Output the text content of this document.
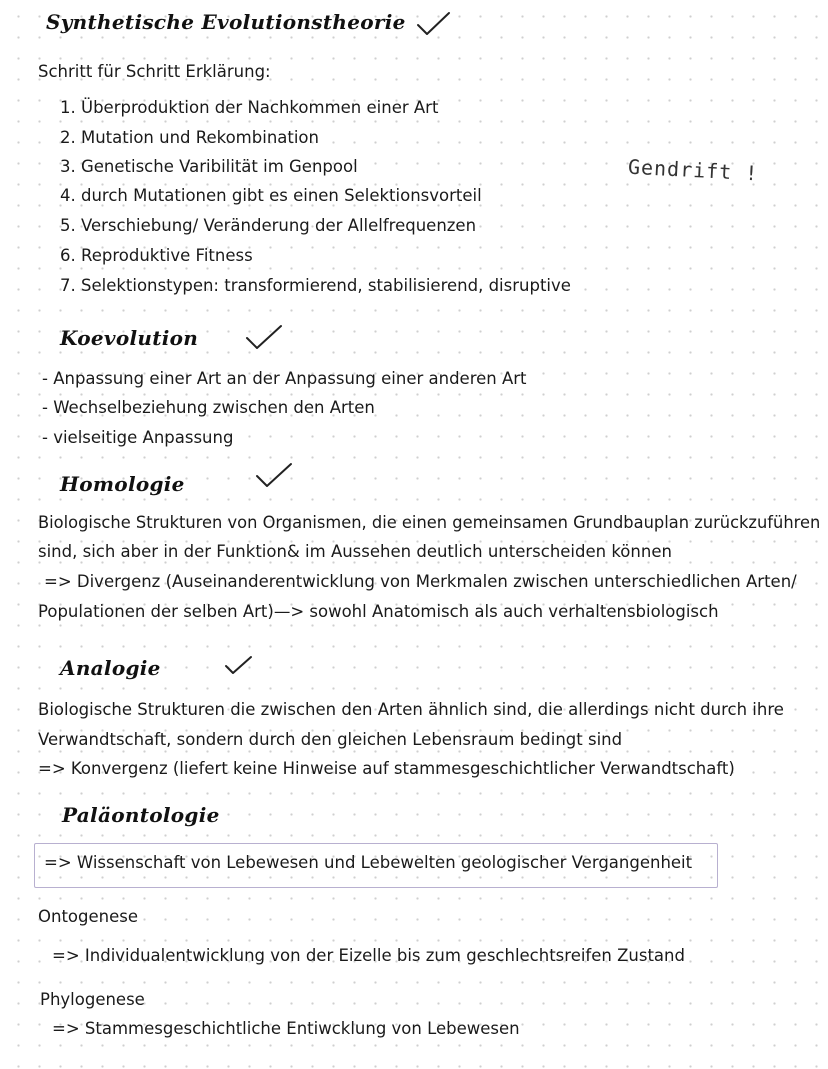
Synthetische Evolutionstheorie
Schritt für Schritt Erklärung:
1. Überproduktion der Nachkommen einer Art
2. Mutation und Rekombination
3. Genetische Varibilität im Genpool
4. durch Mutationen gibt es einen Selektionsvorteil
5. Verschiebung/ Veränderung der Allelfrequenzen
6. Reproduktive Fitness
7. Selektionstypen: transformierend, stabilisierend, disruptive
Gendrift !
Koevolution
- Anpassung einer Art an der Anpassung einer anderen Art
- Wechselbeziehung zwischen den Arten
- vielseitige Anpassung
Homologie
Biologische Strukturen von Organismen, die einen gemeinsamen Grundbauplan zurückzuführen
sind, sich aber in der Funktion& im Aussehen deutlich unterscheiden können
=> Divergenz (Auseinanderentwicklung von Merkmalen zwischen unterschiedlichen Arten/
Populationen der selben Art)—> sowohl Anatomisch als auch verhaltensbiologisch
Analogie
Biologische Strukturen die zwischen den Arten ähnlich sind, die allerdings nicht durch ihre
Verwandtschaft, sondern durch den gleichen Lebensraum bedingt sind
=> Konvergenz (liefert keine Hinweise auf stammesgeschichtlicher Verwandtschaft)
Paläontologie
=> Wissenschaft von Lebewesen und Lebewelten geologischer Vergangenheit
Ontogenese
=> Individualentwicklung von der Eizelle bis zum geschlechtsreifen Zustand
Phylogenese
=> Stammesgeschichtliche Entiwcklung von Lebewesen
